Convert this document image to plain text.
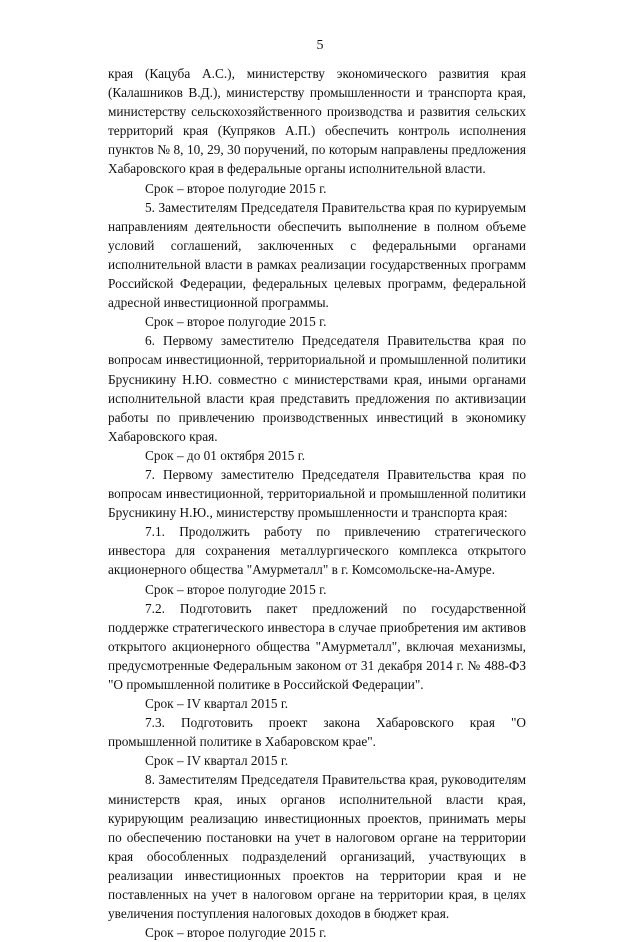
5

края (Кацуба А.С.), министерству экономического развития края (Калашников В.Д.), министерству промышленности и транспорта края, министерству сельскохозяйственного производства и развития сельских территорий края (Купряков А.П.) обеспечить контроль исполнения пунктов № 8, 10, 29, 30 поручений, по которым направлены предложения Хабаровского края в федеральные органы исполнительной власти.

Срок – второе полугодие 2015 г.

5. Заместителям Председателя Правительства края по курируемым направлениям деятельности обеспечить выполнение в полном объеме условий соглашений, заключенных с федеральными органами исполнительной власти в рамках реализации государственных программ Российской Федерации, федеральных целевых программ, федеральной адресной инвестиционной программы.

Срок – второе полугодие 2015 г.

6. Первому заместителю Председателя Правительства края по вопросам инвестиционной, территориальной и промышленной политики Брусникину Н.Ю. совместно с министерствами края, иными органами исполнительной власти края представить предложения по активизации работы по привлечению производственных инвестиций в экономику Хабаровского края.

Срок – до 01 октября 2015 г.

7. Первому заместителю Председателя Правительства края по вопросам инвестиционной, территориальной и промышленной политики Брусникину Н.Ю., министерству промышленности и транспорта края:

7.1. Продолжить работу по привлечению стратегического инвестора для сохранения металлургического комплекса открытого акционерного общества "Амурметалл" в г. Комсомольске-на-Амуре.

Срок – второе полугодие 2015 г.

7.2. Подготовить пакет предложений по государственной поддержке стратегического инвестора в случае приобретения им активов открытого акционерного общества "Амурметалл", включая механизмы, предусмотренные Федеральным законом от 31 декабря 2014 г. № 488-ФЗ "О промышленной политике в Российской Федерации".

Срок – IV квартал 2015 г.

7.3. Подготовить проект закона Хабаровского края "О промышленной политике в Хабаровском крае".

Срок – IV квартал 2015 г.

8. Заместителям Председателя Правительства края, руководителям министерств края, иных органов исполнительной власти края, курирующим реализацию инвестиционных проектов, принимать меры по обеспечению постановки на учет в налоговом органе на территории края обособленных подразделений организаций, участвующих в реализации инвестиционных проектов на территории края и не поставленных на учет в налоговом органе на территории края, в целях увеличения поступления налоговых доходов в бюджет края.

Срок – второе полугодие 2015 г.
